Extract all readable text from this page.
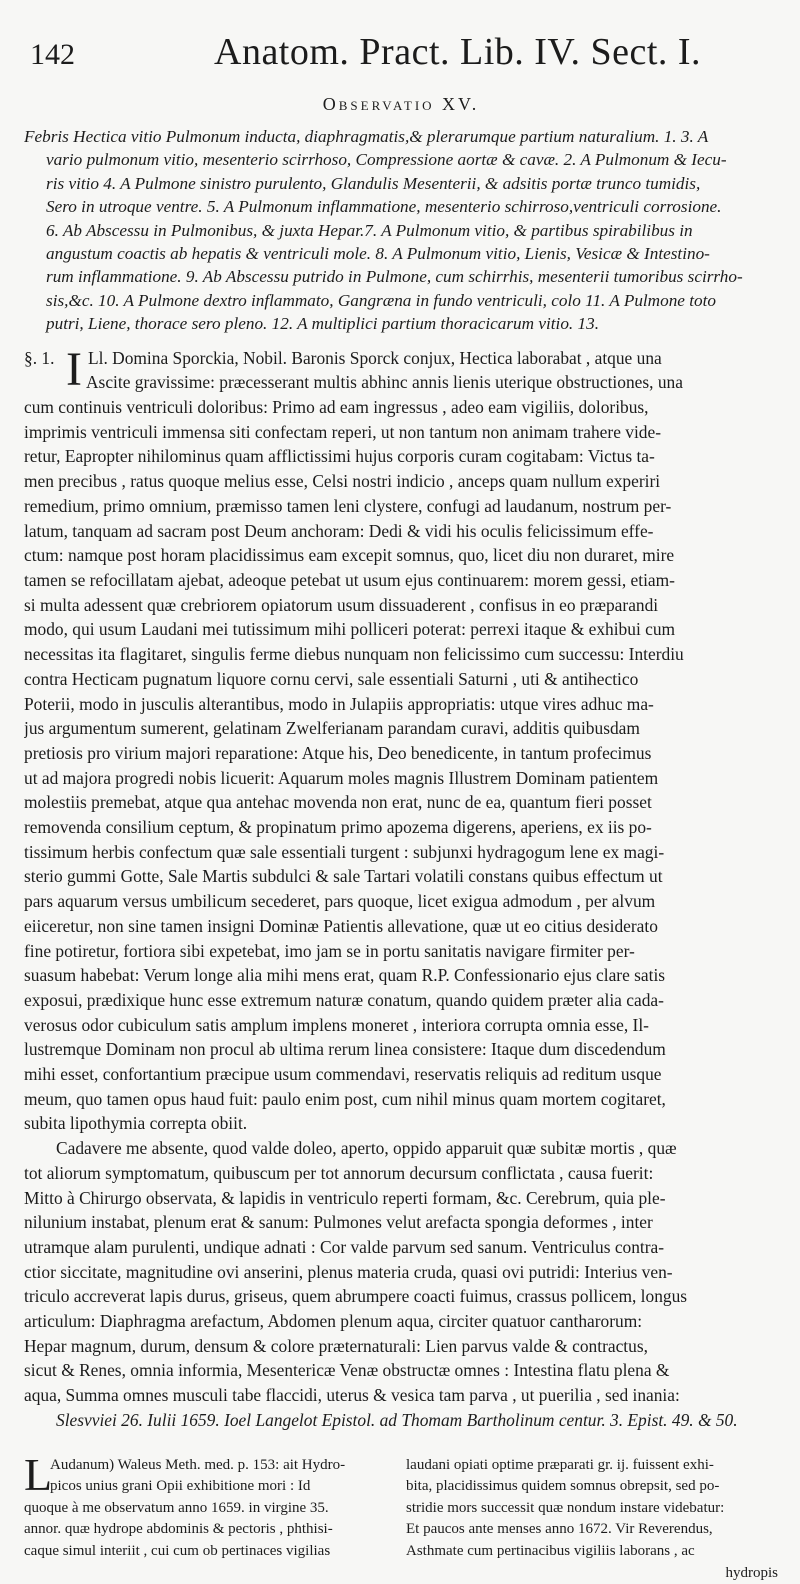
142	Anatom. Pract. Lib. IV. Sect. I.
Observatio XV.
Febris Hectica vitio Pulmonum inducta, diaphragmatis,& plerarumque partium naturalium. 1. 3. A
vario pulmonum vitio, mesenterio scirrhoso, Compressione aortæ & cavæ. 2. A Pulmonum & Iecu-
ris vitio 4. A Pulmone sinistro purulento, Glandulis Mesenterii, & adsitis portæ trunco tumidis,
Sero in utroque ventre. 5. A Pulmonum inflammatione, mesenterio schirroso,ventriculi corrosione.
6. Ab Abscessu in Pulmonibus, & juxta Hepar.7. A Pulmonum vitio, & partibus spirabilibus in
angustum coactis ab hepatis & ventriculi mole. 8. A Pulmonum vitio, Lienis, Vesicæ & Intestino-
rum inflammatione. 9. Ab Abscessu putrido in Pulmone, cum schirrhis, mesenterii tumoribus scirrho-
sis,&c. 10. A Pulmone dextro inflammato, Gangræna in fundo ventriculi, colo 11. A Pulmone toto
putri, Liene, thorace sero pleno. 12. A multiplici partium thoracicarum vitio. 13.
I
§. 1. Ll. Domina Sporckia, Nobil. Baronis Sporck conjux, Hectica laborabat , atque una
Ascite gravissime: præcesserant multis abhinc annis lienis uterique obstructiones, una
cum continuis ventriculi doloribus: Primo ad eam ingressus , adeo eam vigiliis, doloribus,
imprimis ventriculi immensa siti confectam reperi, ut non tantum non animam trahere vide-
retur, Eapropter nihilominus quam afflictissimi hujus corporis curam cogitabam: Victus ta-
men precibus , ratus quoque melius esse, Celsi nostri indicio , anceps quam nullum experiri
remedium, primo omnium, præmisso tamen leni clystere, confugi ad laudanum, nostrum per-
latum, tanquam ad sacram post Deum anchoram: Dedi & vidi his oculis felicissimum effe-
ctum: namque post horam placidissimus eam excepit somnus, quo, licet diu non duraret, mire
tamen se refocillatam ajebat, adeoque petebat ut usum ejus continuarem: morem gessi, etiam-
si multa adessent quæ crebriorem opiatorum usum dissuaderent , confisus in eo præparandi
modo, qui usum Laudani mei tutissimum mihi polliceri poterat: perrexi itaque & exhibui cum
necessitas ita flagitaret, singulis ferme diebus nunquam non felicissimo cum successu: Interdiu
contra Hecticam pugnatum liquore cornu cervi, sale essentiali Saturni , uti & antihectico
Poterii, modo in jusculis alterantibus, modo in Julapiis appropriatis: utque vires adhuc ma-
jus argumentum sumerent, gelatinam Zwelferianam parandam curavi, additis quibusdam
pretiosis pro virium majori reparatione: Atque his, Deo benedicente, in tantum profecimus
ut ad majora progredi nobis licuerit: Aquarum moles magnis Illustrem Dominam patientem
molestiis premebat, atque qua antehac movenda non erat, nunc de ea, quantum fieri posset
removenda consilium ceptum, & propinatum primo apozema digerens, aperiens, ex iis po-
tissimum herbis confectum quæ sale essentiali turgent : subjunxi hydragogum lene ex magi-
sterio gummi Gotte, Sale Martis subdulci & sale Tartari volatili constans quibus effectum ut
pars aquarum versus umbilicum secederet, pars quoque, licet exigua admodum , per alvum
eiiceretur, non sine tamen insigni Dominæ Patientis allevatione, quæ ut eo citius desiderato
fine potiretur, fortiora sibi expetebat, imo jam se in portu sanitatis navigare firmiter per-
suasum habebat: Verum longe alia mihi mens erat, quam R.P. Confessionario ejus clare satis
exposui, prædixique hunc esse extremum naturæ conatum, quando quidem præter alia cada-
verosus odor cubiculum satis amplum implens moneret , interiora corrupta omnia esse, Il-
lustremque Dominam non procul ab ultima rerum linea consistere: Itaque dum discedendum
mihi esset, confortantium præcipue usum commendavi, reservatis reliquis ad reditum usque
meum, quo tamen opus haud fuit: paulo enim post, cum nihil minus quam mortem cogitaret,
subita lipothymia correpta obiit.
Cadavere me absente, quod valde doleo, aperto, oppido apparuit quæ subitæ mortis , quæ
tot aliorum symptomatum, quibuscum per tot annorum decursum conflictata , causa fuerit:
Mitto à Chirurgo observata, & lapidis in ventriculo reperti formam, &c. Cerebrum, quia ple-
nilunium instabat, plenum erat & sanum: Pulmones velut arefacta spongia deformes , inter
utramque alam purulenti, undique adnati : Cor valde parvum sed sanum. Ventriculus contra-
ctior siccitate, magnitudine ovi anserini, plenus materia cruda, quasi ovi putridi: Interius ven-
triculo accreverat lapis durus, griseus, quem abrumpere coacti fuimus, crassus pollicem, longus
articulum: Diaphragma arefactum, Abdomen plenum aqua, circiter quatuor cantharorum:
Hepar magnum, durum, densum & colore præternaturali: Lien parvus valde & contractus,
sicut & Renes, omnia informia, Mesentericæ Venæ obstructæ omnes : Intestina flatu plena &
aqua, Summa omnes musculi tabe flaccidi, uterus & vesica tam parva , ut puerilia , sed inania:
Slesvviei 26. Iulii 1659. Ioel Langelot Epistol. ad Thomam Bartholinum centur. 3. Epist. 49. & 50.
L
Audanum) Waleus Meth. med. p. 153: ait Hydro-
picos unius grani Opii exhibitione mori : Id
quoque à me observatum anno 1659. in virgine 35.
annor. quæ hydrope abdominis & pectoris , phthisi-
caque simul interiit , cui cum ob pertinaces vigilias
laudani opiati optime præparati gr. ij. fuissent exhi-
bita, placidissimus quidem somnus obrepsit, sed po-
stridie mors successit quæ nondum instare videbatur:
Et paucos ante menses anno 1672. Vir Reverendus,
Asthmate cum pertinacibus vigiliis laborans , ac
hydropis
